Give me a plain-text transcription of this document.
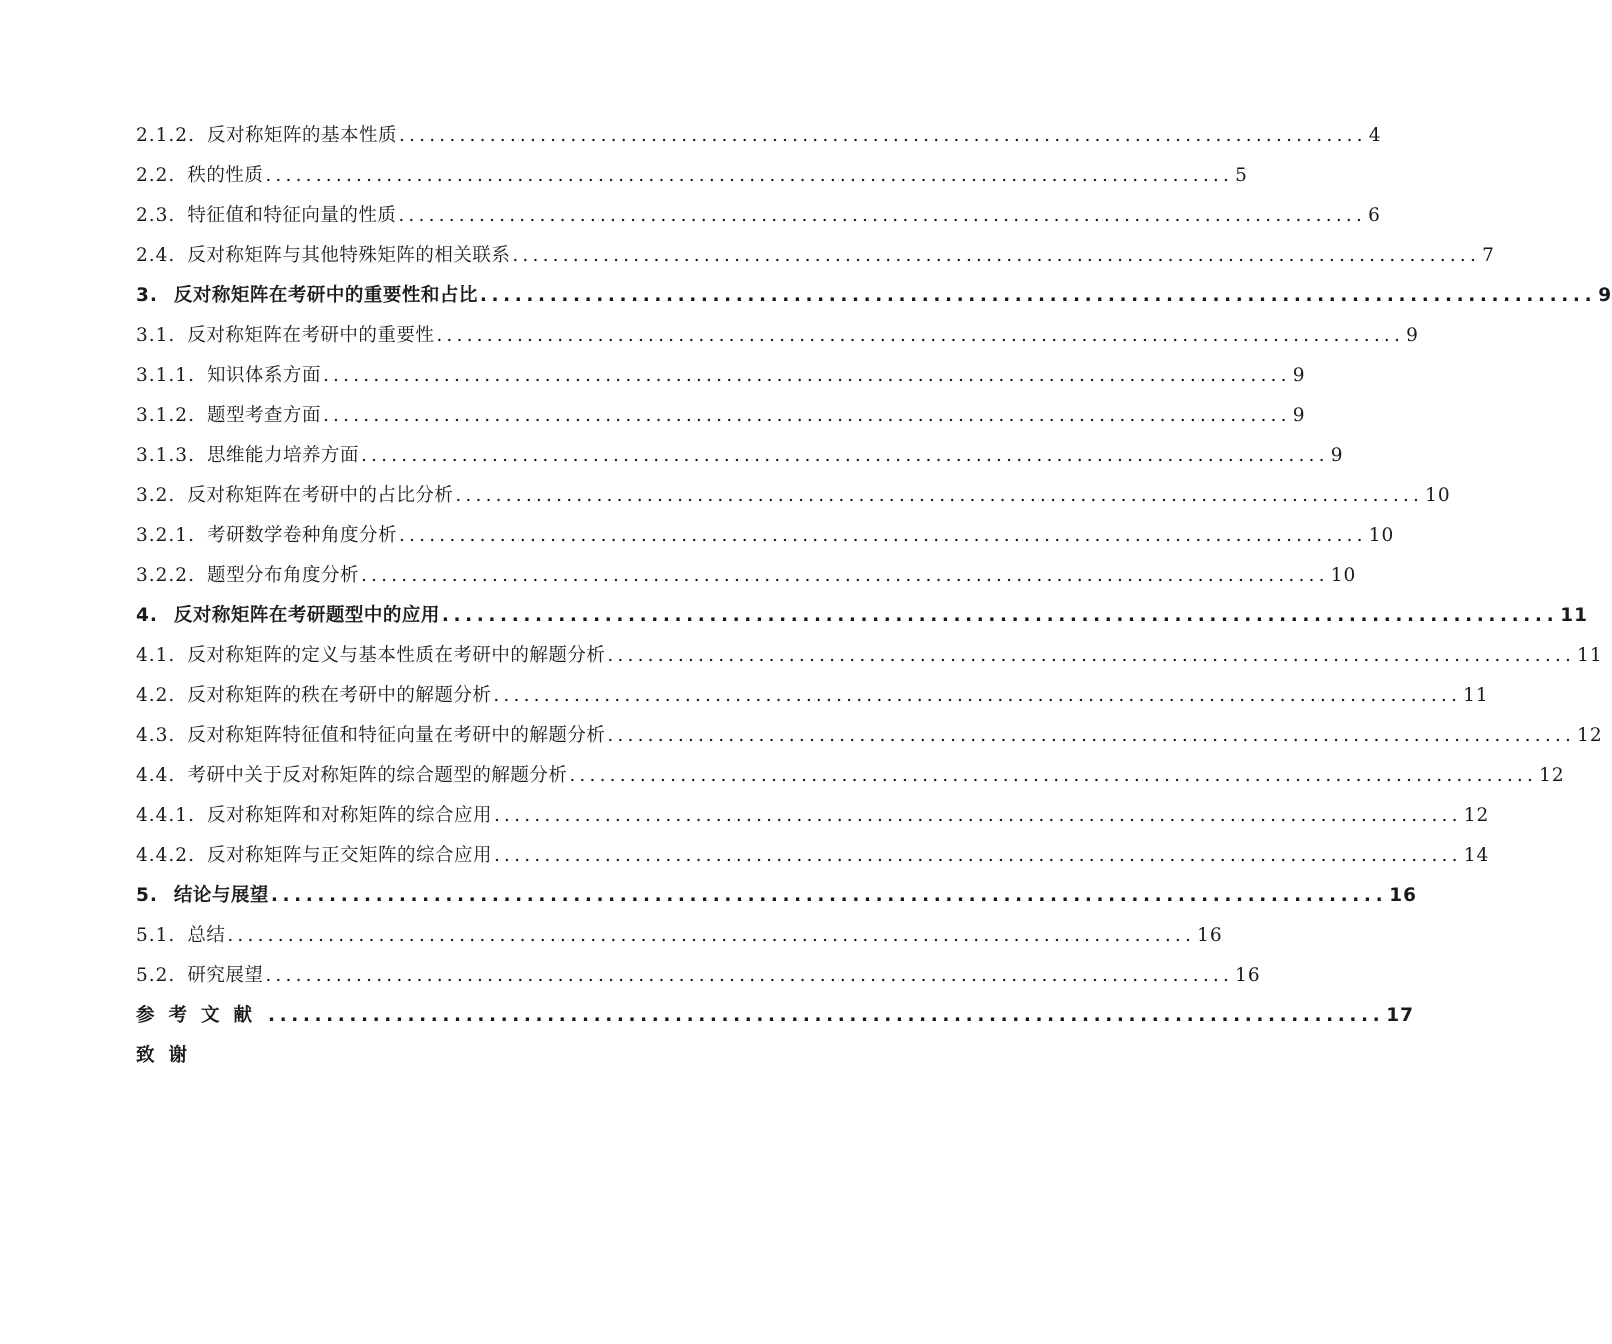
2.1.2. 反对称矩阵的基本性质 ................................................................................................ 4
2.2. 秩的性质 ................................................................................................ 5
2.3. 特征值和特征向量的性质 ................................................................................................ 6
2.4. 反对称矩阵与其他特殊矩阵的相关联系 ................................................................................................ 7
3. 反对称矩阵在考研中的重要性和占比 ................................................................................................ 9
3.1. 反对称矩阵在考研中的重要性 ................................................................................................ 9
3.1.1. 知识体系方面 ................................................................................................ 9
3.1.2. 题型考查方面 ................................................................................................ 9
3.1.3. 思维能力培养方面 ................................................................................................ 9
3.2. 反对称矩阵在考研中的占比分析 ................................................................................................ 10
3.2.1. 考研数学卷种角度分析 ................................................................................................ 10
3.2.2. 题型分布角度分析 ................................................................................................ 10
4. 反对称矩阵在考研题型中的应用 ................................................................................................ 11
4.1. 反对称矩阵的定义与基本性质在考研中的解题分析 ................................................................................................ 11
4.2. 反对称矩阵的秩在考研中的解题分析 ................................................................................................ 11
4.3. 反对称矩阵特征值和特征向量在考研中的解题分析 ................................................................................................ 12
4.4. 考研中关于反对称矩阵的综合题型的解题分析 ................................................................................................ 12
4.4.1. 反对称矩阵和对称矩阵的综合应用 ................................................................................................ 12
4.4.2. 反对称矩阵与正交矩阵的综合应用 ................................................................................................ 14
5. 结论与展望 ................................................................................................ 16
5.1. 总结 ................................................................................................ 16
5.2. 研究展望 ................................................................................................ 16
参考文献 ................................................................................................ 17
致谢
